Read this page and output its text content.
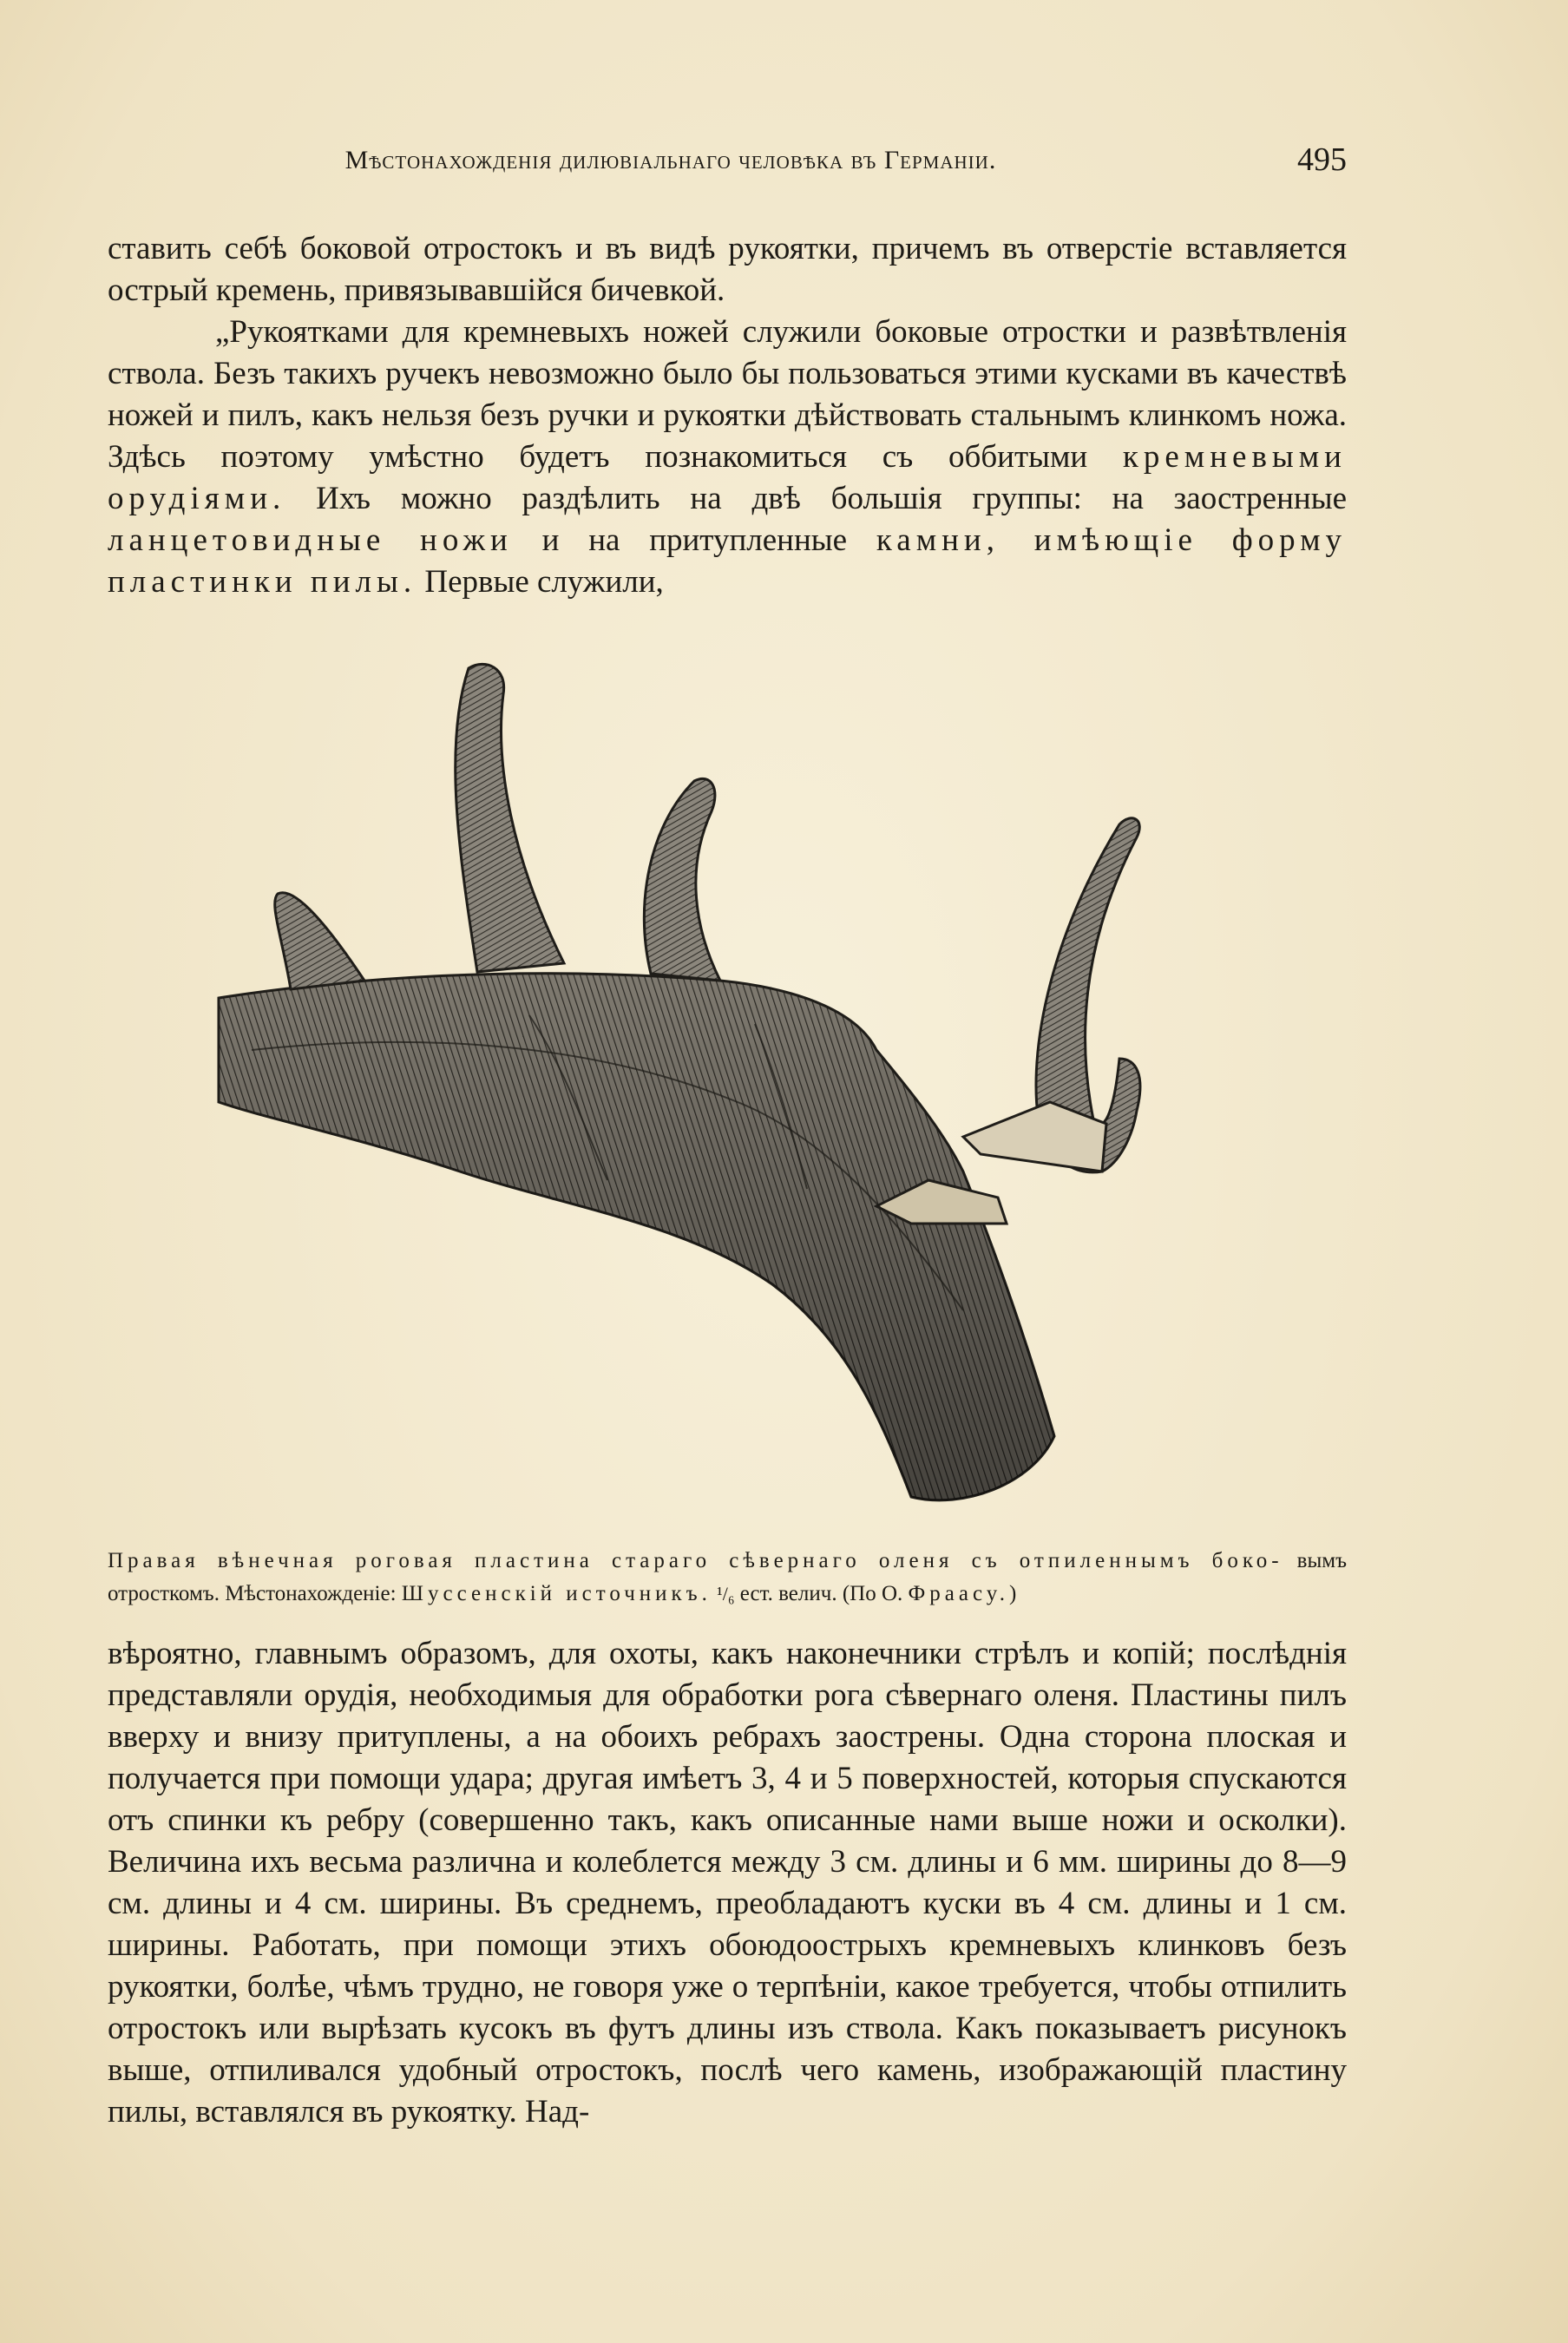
Мѣстонахожденія дилювіальнаго человѣка въ Германіи.	495

ставить себѣ боковой отростокъ и въ видѣ рукоятки, причемъ въ отверстіе вставляется острый кремень, привязывавшійся бичевкой.

„Рукоятками для кремневыхъ ножей служили боковые отростки и развѣтвленія ствола. Безъ такихъ ручекъ невозможно было бы пользоваться этими кусками въ качествѣ ножей и пилъ, какъ нельзя безъ ручки и рукоятки дѣйствовать стальнымъ клинкомъ ножа. Здѣсь поэтому умѣстно будетъ познакомиться съ оббитыми кремневыми орудіями. Ихъ можно раздѣлить на двѣ большія группы: на заостренные ланцетовидные ножи и на притупленные камни, имѣющіе форму пластинки пилы. Первые служили,

Правая вѣнечная роговая пластина стараго сѣвернаго оленя съ отпиленнымъ боко- вымъ отросткомъ. Мѣстонахожденіе: Шуссенскій источникъ. ¹/₆ ест. велич. (По О. Фраасу.)

вѣроятно, главнымъ образомъ, для охоты, какъ наконечники стрѣлъ и копій; послѣднія представляли орудія, необходимыя для обработки рога сѣвернаго оленя. Пластины пилъ вверху и внизу притуплены, а на обоихъ ребрахъ заострены. Одна сторона плоская и получается при помощи удара; другая имѣетъ 3, 4 и 5 поверхностей, которыя спускаются отъ спинки къ ребру (совершенно такъ, какъ описанные нами выше ножи и осколки). Величина ихъ весьма различна и колеблется между 3 см. длины и 6 мм. ширины до 8—9 см. длины и 4 см. ширины. Въ среднемъ, преобладаютъ куски въ 4 см. длины и 1 см. ширины. Работать, при помощи этихъ обоюдоострыхъ кремневыхъ клинковъ безъ рукоятки, болѣе, чѣмъ трудно, не говоря уже о терпѣніи, какое требуется, чтобы отпилить отростокъ или вырѣзать кусокъ въ футъ длины изъ ствола. Какъ показываетъ рисунокъ выше, отпиливался удобный отростокъ, послѣ чего камень, изображающій пластину пилы, вставлялся въ рукоятку. Над-
